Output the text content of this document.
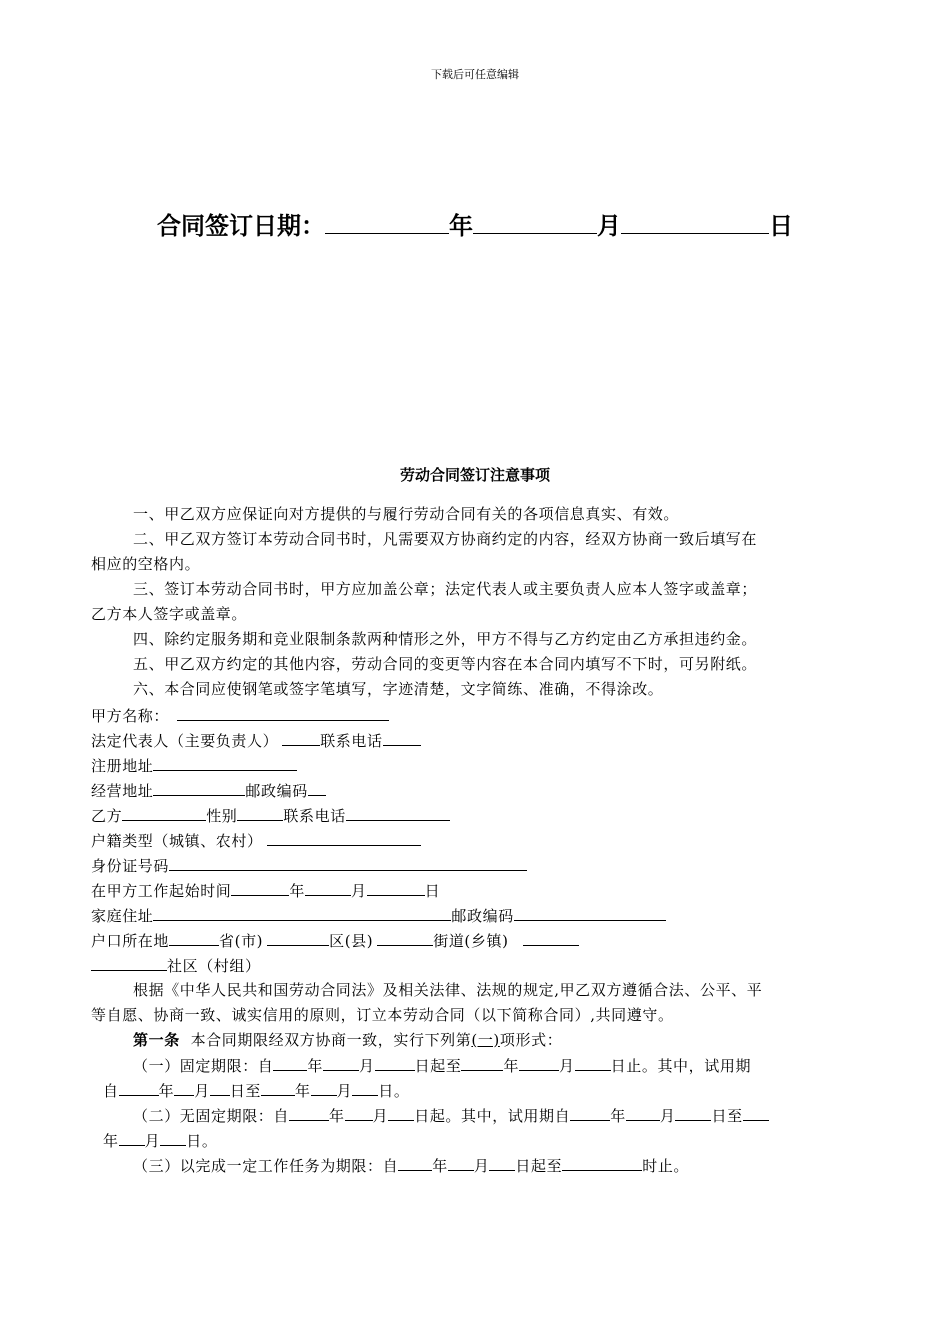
下载后可任意编辑
合同签订日期：	年	月	日
劳动合同签订注意事项
一、甲乙双方应保证向对方提供的与履行劳动合同有关的各项信息真实、有效。
二、甲乙双方签订本劳动合同书时，凡需要双方协商约定的内容，经双方协商一致后填写在
相应的空格内。
三、签订本劳动合同书时，甲方应加盖公章；法定代表人或主要负责人应本人签字或盖章；
乙方本人签字或盖章。
四、除约定服务期和竞业限制条款两种情形之外，甲方不得与乙方约定由乙方承担违约金。
五、甲乙双方约定的其他内容，劳动合同的变更等内容在本合同内填写不下时，可另附纸。
六、本合同应使钢笔或签字笔填写，字迹清楚，文字简练、准确，不得涂改。
甲方名称：
法定代表人（主要负责人）	联系电话
注册地址
经营地址	邮政编码
乙方	性别	联系电话
户籍类型（城镇、农村）
身份证号码
在甲方工作起始时间	年	月	日
家庭住址	邮政编码
户口所在地	省(市)	区(县)	街道(乡镇)
社区（村组）
根据《中华人民共和国劳动合同法》及相关法律、法规的规定,甲乙双方遵循合法、公平、平
等自愿、协商一致、诚实信用的原则，订立本劳动合同（以下简称合同）,共同遵守。
第一条 本合同期限经双方协商一致，实行下列第(一)项形式：
（一）固定期限：自 年 月	日起至	年	月 日止。其中，试用期
自	年 月 日至 年 月 日。
（二）无固定期限：自	年 月 日起。其中，试用期自	年 月 日至
年 月 日。
（三）以完成一定工作任务为期限：自 年 月 日起至	时止。
